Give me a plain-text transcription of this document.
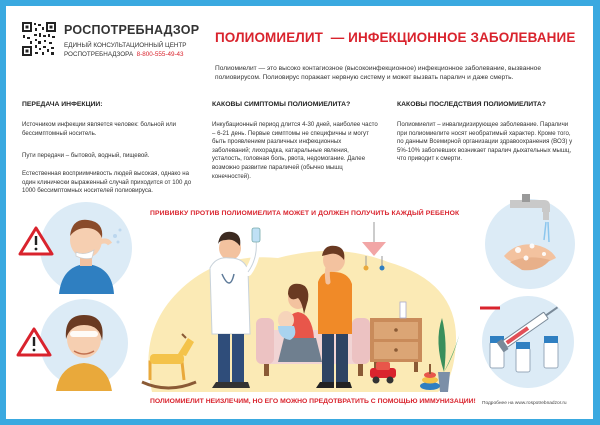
РОСПОТРЕБНАДЗОР
ЕДИНЫЙ КОНСУЛЬТАЦИОННЫЙ ЦЕНТР
РОСПОТРЕБНАДЗОРА 8-800-555-49-43
ПОЛИОМИЕЛИТ  — ИНФЕКЦИОННОЕ ЗАБОЛЕВАНИЕ
Полиомиелит — это высоко контагиозное (высокоинфекционное) инфекционное заболевание, вызванное полиовирусом. Полиовирус поражает нервную систему и может вызвать паралич и даже смерть.
ПЕРЕДАЧА ИНФЕКЦИИ:
Источником инфекции является человек: больной или бессимптомный носитель.
Пути передачи – бытовой, водный, пищевой.
Естественная восприимчивость людей высокая, однако на один клинически выраженный случай приходится от 100 до 1000 бессимптомных носителей полиовируса.
КАКОВЫ СИМПТОМЫ ПОЛИОМИЕЛИТА?
Инкубационный период длится 4-30 дней, наиболее часто – 6-21 день. Первые симптомы не специфичны и могут быть проявлением различных инфекционных заболеваний; лихорадка, катаральные явления, усталость, головная боль, рвота, недомогание. Далее возможно развитие параличей (обычно мышц конечностей).
КАКОВЫ ПОСЛЕДСТВИЯ ПОЛИОМИЕЛИТА?
Полиомиелит – инвалидизирующее заболевание. Параличи при полиомиелите носят необратимый характер. Кроме того, по данным Всемирной организации здравоохранения (ВОЗ) у 5%-10% заболевших возникает паралич дыхательных мышц, что приводит к смерти.
ПРИВИВКУ ПРОТИВ ПОЛИОМИЕЛИТА МОЖЕТ И ДОЛЖЕН ПОЛУЧИТЬ КАЖДЫЙ РЕБЕНОК
ПОЛИОМИЕЛИТ НЕИЗЛЕЧИМ, НО ЕГО МОЖНО ПРЕДОТВРАТИТЬ С ПОМОЩЬЮ ИММУНИЗАЦИИ! Подробнее на www.rospotrebnadzor.ru
